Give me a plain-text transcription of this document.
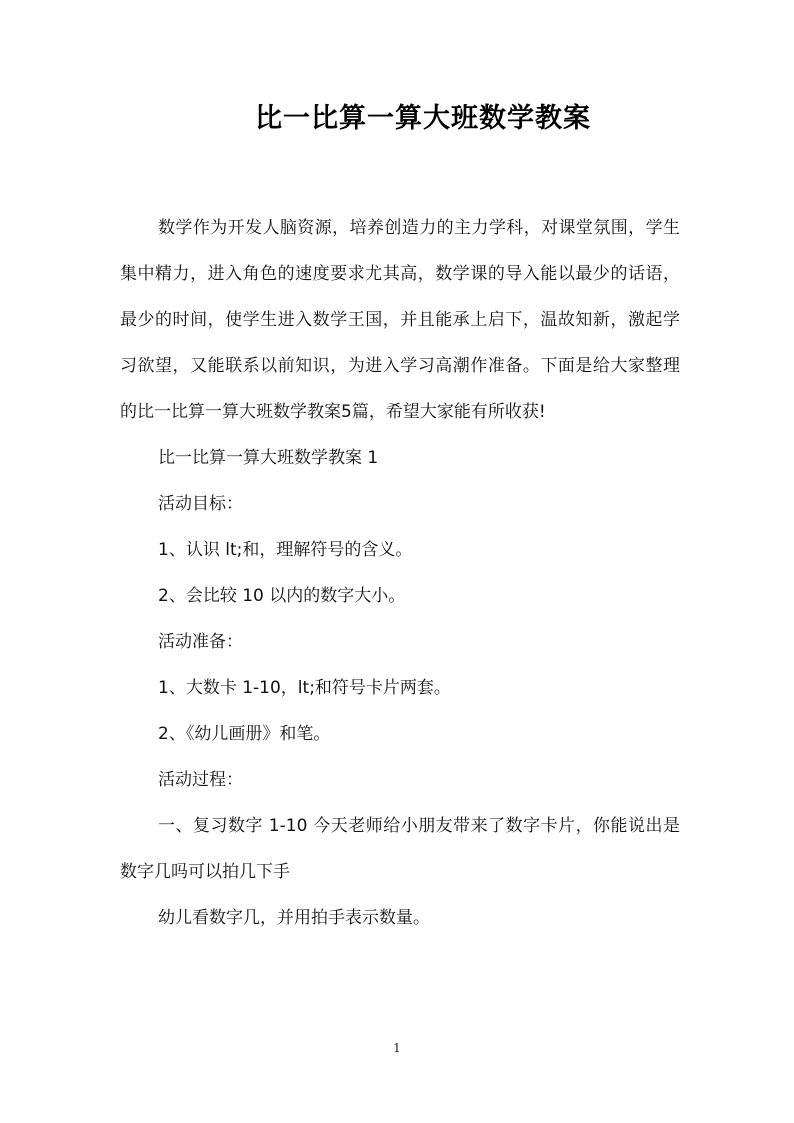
比一比算一算大班数学教案

数学作为开发人脑资源，培养创造力的主力学科，对课堂氛围，学生集中精力，进入角色的速度要求尤其高，数学课的导入能以最少的话语，最少的时间，使学生进入数学王国，并且能承上启下，温故知新，激起学习欲望，又能联系以前知识，为进入学习高潮作准备。下面是给大家整理的比一比算一算大班数学教案5篇，希望大家能有所收获!

比一比算一算大班数学教案 1

活动目标：

1、认识 lt;和，理解符号的含义。

2、会比较 10 以内的数字大小。

活动准备：

1、大数卡 1-10，lt;和符号卡片两套。

2、《幼儿画册》和笔。

活动过程：

一、复习数字 1-10 今天老师给小朋友带来了数字卡片，你能说出是数字几吗可以拍几下手

幼儿看数字几，并用拍手表示数量。

1
